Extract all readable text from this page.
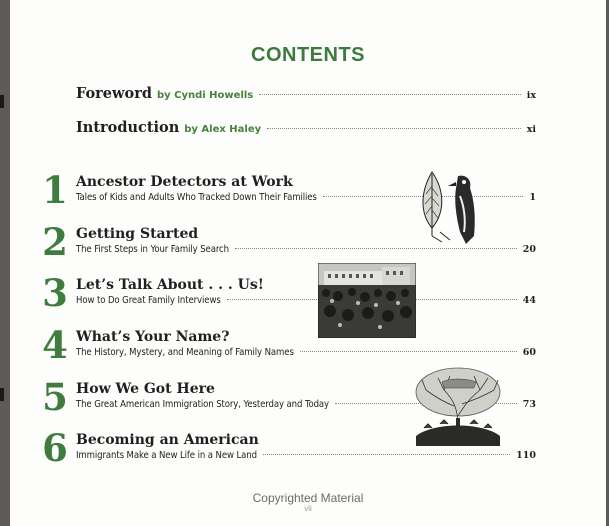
CONTENTS
Foreword by Cyndi Howells	ix
Introduction by Alex Haley	xi
1 Ancestor Detectors at Work
Tales of Kids and Adults Who Tracked Down Their Families	1
2 Getting Started
The First Steps in Your Family Search	20
3 Let’s Talk About . . . Us!
How to Do Great Family Interviews	44
4 What’s Your Name?
The History, Mystery, and Meaning of Family Names	60
5 How We Got Here
The Great American Immigration Story, Yesterday and Today	73
6 Becoming an American
Immigrants Make a New Life in a New Land	110
Copyrighted Material
vii
